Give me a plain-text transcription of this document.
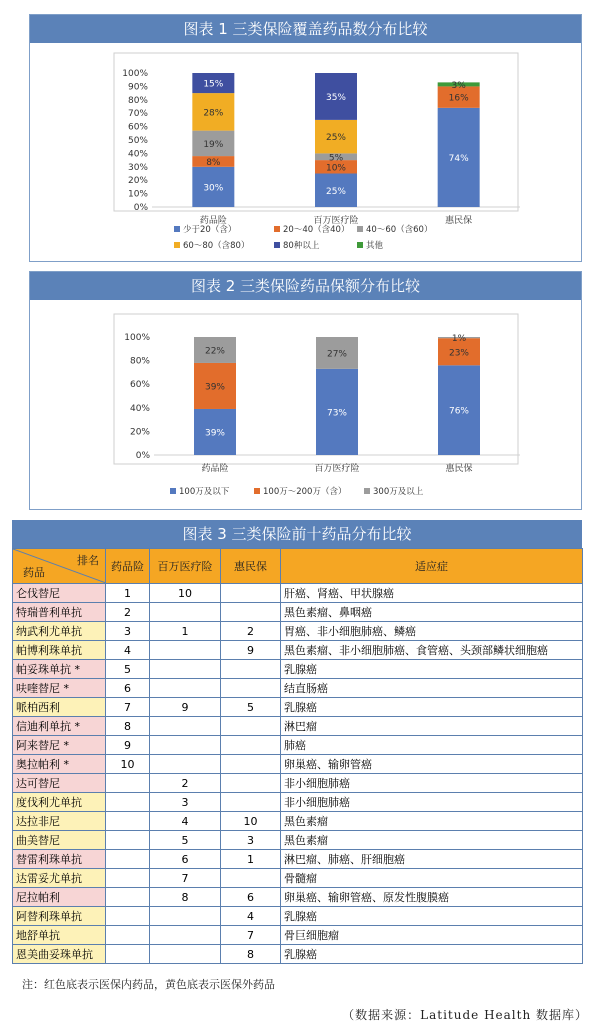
图表 1 三类保险覆盖药品数分布比较
0%
10%
20%
30%
40%
50%
60%
70%
80%
90%
100%
30%
8%
19%
28%
15%
药品险
25%
10%
5%
25%
35%
百万医疗险
74%
16%
3%
惠民保
少于20（含）	20～40（含40） 40～60（含60）
60～80（含80）	80种以上	其他
图表 2 三类保险药品保额分布比较
0%
20%
40%
60%
80%
100%
39%
39%
22%
药品险
73%
27%
百万医疗险
76%
23%
1%
惠民保
100万及以下	100万～200万（含）	300万及以上
图表 3 三类保险前十药品分布比较
排名
药品	药品险	百万医疗险	惠民保	适应症
仑伐替尼	1	10		肝癌、肾癌、甲状腺癌
特瑞普利单抗	2			黑色素瘤、鼻咽癌
纳武利尤单抗	3	1	2	胃癌、非小细胞肺癌、鳞癌
帕博利珠单抗	4		9	黑色素瘤、非小细胞肺癌、食管癌、头颈部鳞状细胞癌
帕妥珠单抗 *	5			乳腺癌
呋喹替尼 *	6			结直肠癌
哌柏西利	7	9	5	乳腺癌
信迪利单抗 *	8			淋巴瘤
阿来替尼 *	9			肺癌
奥拉帕利 *	10			卵巢癌、输卵管癌
达可替尼		2		非小细胞肺癌
度伐利尤单抗		3		非小细胞肺癌
达拉非尼		4	10	黑色素瘤
曲美替尼		5	3	黑色素瘤
替雷利珠单抗		6	1	淋巴瘤、肺癌、肝细胞癌
达雷妥尤单抗		7		骨髓瘤
尼拉帕利		8	6	卵巢癌、输卵管癌、原发性腹膜癌
阿替利珠单抗			4	乳腺癌
地舒单抗			7	骨巨细胞瘤
恩美曲妥珠单抗			8	乳腺癌
注：红色底表示医保内药品，黄色底表示医保外药品
（数据来源：Latitude Health 数据库）
